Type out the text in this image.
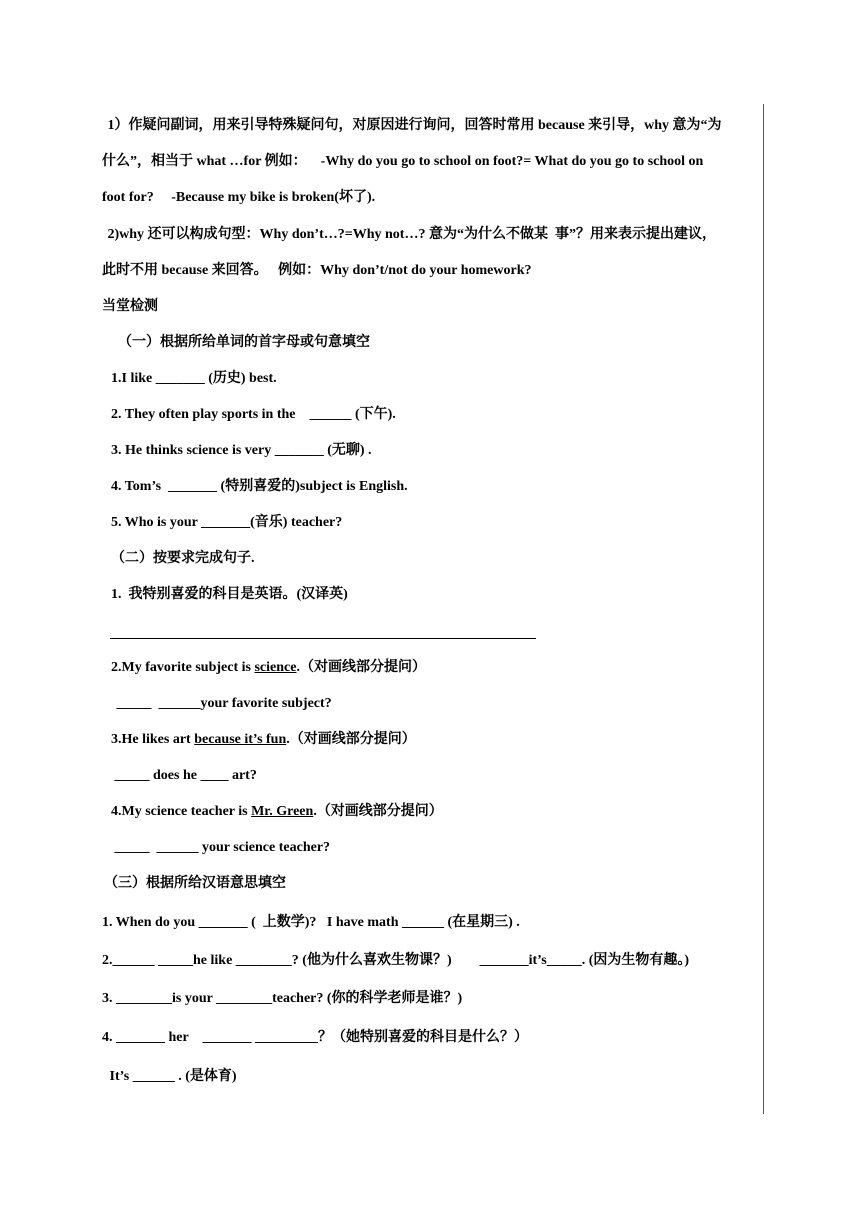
1）作疑问副词，用来引导特殊疑问句，对原因进行询问，回答时常用 because 来引导，why 意为“为
什么”，相当于 what …for 例如：    -Why do you go to school on foot?= What do you go to school on
foot for?     -Because my bike is broken(坏了).
2)why 还可以构成句型：Why don’t…?=Why not…? 意为“为什么不做某  事”？用来表示提出建议，
此时不用 because 来回答。   例如：Why don’t/not do your homework?
当堂检测
（一）根据所给单词的首字母或句意填空
1.I like _______ (历史) best.
2. They often play sports in the    ______ (下午).
3. He thinks science is very _______ (无聊) .
4. Tom’s  _______ (特别喜爱的)subject is English.
5. Who is your _______(音乐) teacher?
（二）按要求完成句子.
1.  我特别喜爱的科目是英语。(汉译英)
2.My favorite subject is science.（对画线部分提问）
_____  ______your favorite subject?
3.He likes art because it’s fun.（对画线部分提问）
_____ does he ____ art?
4.My science teacher is Mr. Green.（对画线部分提问）
_____  ______ your science teacher?
（三）根据所给汉语意思填空
1. When do you _______ (  上数学)?   I have math ______ (在星期三) .
2.______ _____he like ________? (他为什么喜欢生物课？)        _______it’s_____. (因为生物有趣。)
3. ________is your ________teacher? (你的科学老师是谁？)
4. _______ her    _______ _________？（她特别喜爱的科目是什么？）
It’s ______ . (是体育)
